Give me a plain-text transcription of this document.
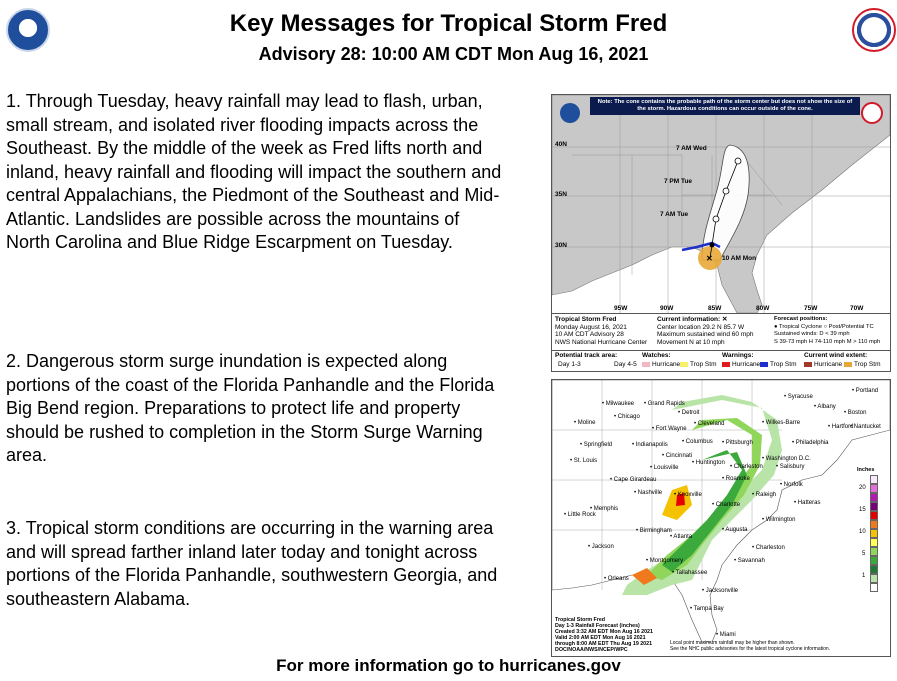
Key Messages for Tropical Storm Fred
Advisory 28: 10:00 AM CDT Mon Aug 16, 2021
1. Through Tuesday, heavy rainfall may lead to flash, urban, small stream, and isolated river flooding impacts across the Southeast. By the middle of the week as Fred lifts north and inland, heavy rainfall and flooding will impact the southern and central Appalachians, the Piedmont of the Southeast and Mid-Atlantic. Landslides are possible across the mountains of North Carolina and Blue Ridge Escarpment on Tuesday.
2. Dangerous storm surge inundation is expected along portions of the coast of the Florida Panhandle and the Florida Big Bend region. Preparations to protect life and property should be rushed to completion in the Storm Surge Warning area.
3. Tropical storm conditions are occurring in the warning area and will spread farther inland later today and tonight across portions of the Florida Panhandle, southwestern Georgia, and southeastern Alabama.
✕
Note: The cone contains the probable path of the storm center but does not show the size of the storm. Hazardous conditions can occur outside of the cone.
40N
35N
30N
95W	90W	85W	80W	75W	70W
7 AM Wed
7 PM Tue
7 AM Tue
10 AM Mon
Tropical Storm Fred
Monday August 16, 2021
10 AM CDT Advisory 28
NWS National Hurricane Center
Current information: ✕
Center location 29.2 N 85.7 W
Maximum sustained wind 60 mph
Movement N at 10 mph
Forecast positions:
● Tropical Cyclone ○ Post/Potential TC
Sustained winds: D < 39 mph
S 39-73 mph H 74-110 mph M > 110 mph
Potential track area:
Day 1-3	Day 4-5
Watches:
Hurricane Trop Stm
Warnings:
Hurricane Trop Stm
Current wind extent:
Hurricane Trop Stm
Inches
20
15
10
5
1
• Syracuse
• Portland
• Milwaukee • Grand Rapids	• Albany
• Boston
• Detroit
• Chicago
• Hartford
• Nantucket
• Moline
• Fort Wayne
• Cleveland
• Pittsburgh
• Wilkes-Barre
• Philadelphia
• Springfield	• Indianapolis • Columbus
• Washington D.C.
• St. Louis
• Cincinnati
• Huntington
• Salisbury
• Louisville	• Charleston
• Norfolk
• Roanoke
• Cape Girardeau
• Nashville	• Raleigh
• Hatteras
• Little Rock
• Memphis
• Charlotte
• Knoxville
• Atlanta
• Wilmington
• Birmingham	• Augusta
• Charleston
• Savannah
• Jackson
• Montgomery
• Tallahassee
• Jacksonville
• Orleans
• Tampa Bay
• Miami
Tropical Storm Fred
Day 1-3 Rainfall Forecast (inches)
Created 3:32 AM EDT Mon Aug 16 2021
Valid 2:00 AM EDT Mon Aug 16 2021
through 8:00 AM EDT Thu Aug 19 2021
DOC/NOAA/NWS/NCEP/WPC
Local point maximum rainfall may be higher than shown.
See the NHC public advisories for the latest tropical cyclone information.
For more information go to hurricanes.gov
